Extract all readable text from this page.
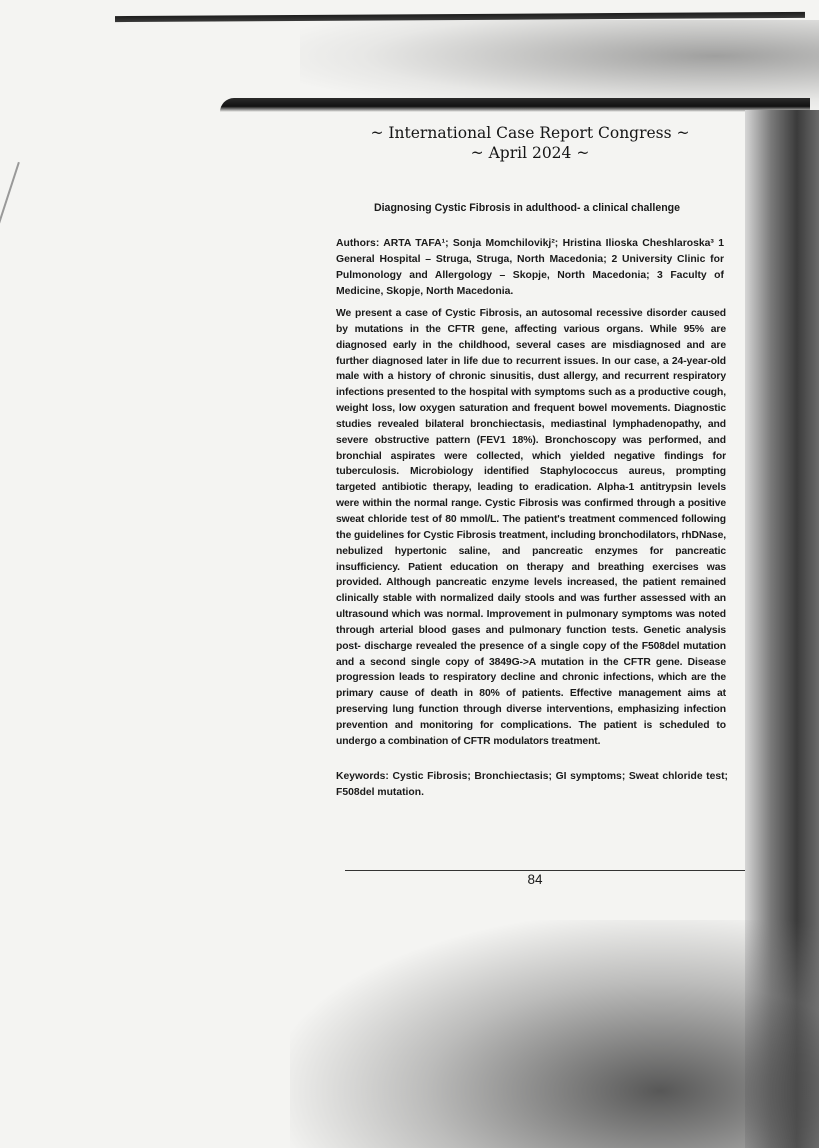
~ International Case Report Congress ~
~ April 2024 ~
Diagnosing Cystic Fibrosis in adulthood- a clinical challenge
Authors: ARTA TAFA¹; Sonja Momchilovikj²; Hristina Ilioska Cheshlaroska³ 1 General Hospital – Struga, Struga, North Macedonia; 2 University Clinic for Pulmonology and Allergology – Skopje, North Macedonia; 3 Faculty of Medicine, Skopje, North Macedonia.
We present a case of Cystic Fibrosis, an autosomal recessive disorder caused by mutations in the CFTR gene, affecting various organs. While 95% are diagnosed early in the childhood, several cases are misdiagnosed and are further diagnosed later in life due to recurrent issues. In our case, a 24-year-old male with a history of chronic sinusitis, dust allergy, and recurrent respiratory infections presented to the hospital with symptoms such as a productive cough, weight loss, low oxygen saturation and frequent bowel movements. Diagnostic studies revealed bilateral bronchiectasis, mediastinal lymphadenopathy, and severe obstructive pattern (FEV1 18%). Bronchoscopy was performed, and bronchial aspirates were collected, which yielded negative findings for tuberculosis. Microbiology identified Staphylococcus aureus, prompting targeted antibiotic therapy, leading to eradication. Alpha-1 antitrypsin levels were within the normal range. Cystic Fibrosis was confirmed through a positive sweat chloride test of 80 mmol/L. The patient's treatment commenced following the guidelines for Cystic Fibrosis treatment, including bronchodilators, rhDNase, nebulized hypertonic saline, and pancreatic enzymes for pancreatic insufficiency. Patient education on therapy and breathing exercises was provided. Although pancreatic enzyme levels increased, the patient remained clinically stable with normalized daily stools and was further assessed with an ultrasound which was normal. Improvement in pulmonary symptoms was noted through arterial blood gases and pulmonary function tests. Genetic analysis post- discharge revealed the presence of a single copy of the F508del mutation and a second single copy of 3849G->A mutation in the CFTR gene. Disease progression leads to respiratory decline and chronic infections, which are the primary cause of death in 80% of patients. Effective management aims at preserving lung function through diverse interventions, emphasizing infection prevention and monitoring for complications. The patient is scheduled to undergo a combination of CFTR modulators treatment.
Keywords: Cystic Fibrosis; Bronchiectasis; GI symptoms; Sweat chloride test; F508del mutation.
84
